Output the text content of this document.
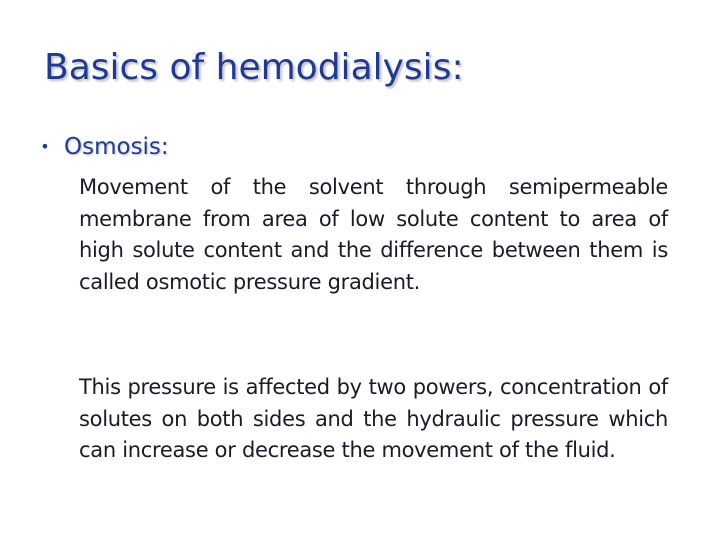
Basics of hemodialysis:
• Osmosis:

Movement of the solvent through semipermeable membrane from area of low solute content to area of high solute content and the difference between them is called osmotic pressure gradient.

This pressure is affected by two powers, concentration of solutes on both sides and the hydraulic pressure which can increase or decrease the movement of the fluid.
